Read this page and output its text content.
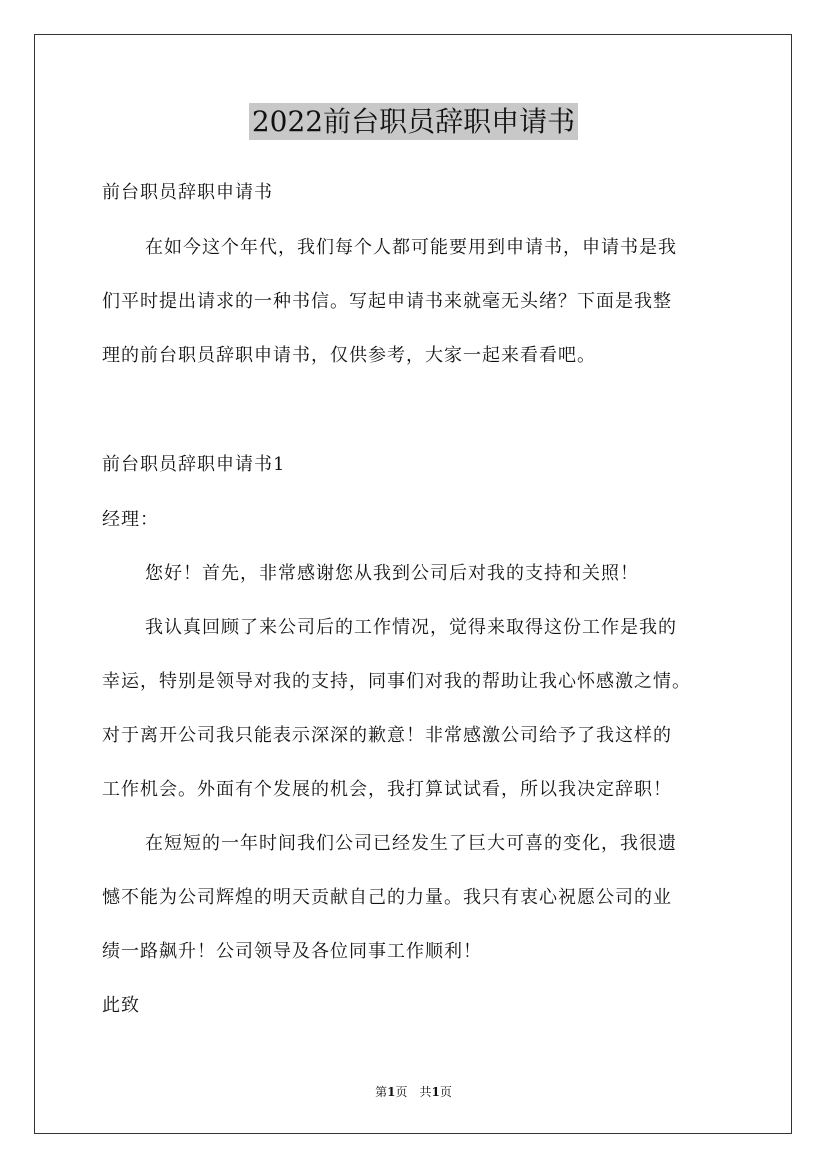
2022前台职员辞职申请书
前台职员辞职申请书
在如今这个年代，我们每个人都可能要用到申请书，申请书是我
们平时提出请求的一种书信。写起申请书来就毫无头绪？下面是我整
理的前台职员辞职申请书，仅供参考，大家一起来看看吧。
前台职员辞职申请书1
经理：
您好！首先，非常感谢您从我到公司后对我的支持和关照！
我认真回顾了来公司后的工作情况，觉得来取得这份工作是我的
幸运，特别是领导对我的支持，同事们对我的帮助让我心怀感激之情。
对于离开公司我只能表示深深的歉意！非常感激公司给予了我这样的
工作机会。外面有个发展的机会，我打算试试看，所以我决定辞职！
在短短的一年时间我们公司已经发生了巨大可喜的变化，我很遗
憾不能为公司辉煌的明天贡献自己的力量。我只有衷心祝愿公司的业
绩一路飙升！公司领导及各位同事工作顺利！
此致
第1页　共1页
